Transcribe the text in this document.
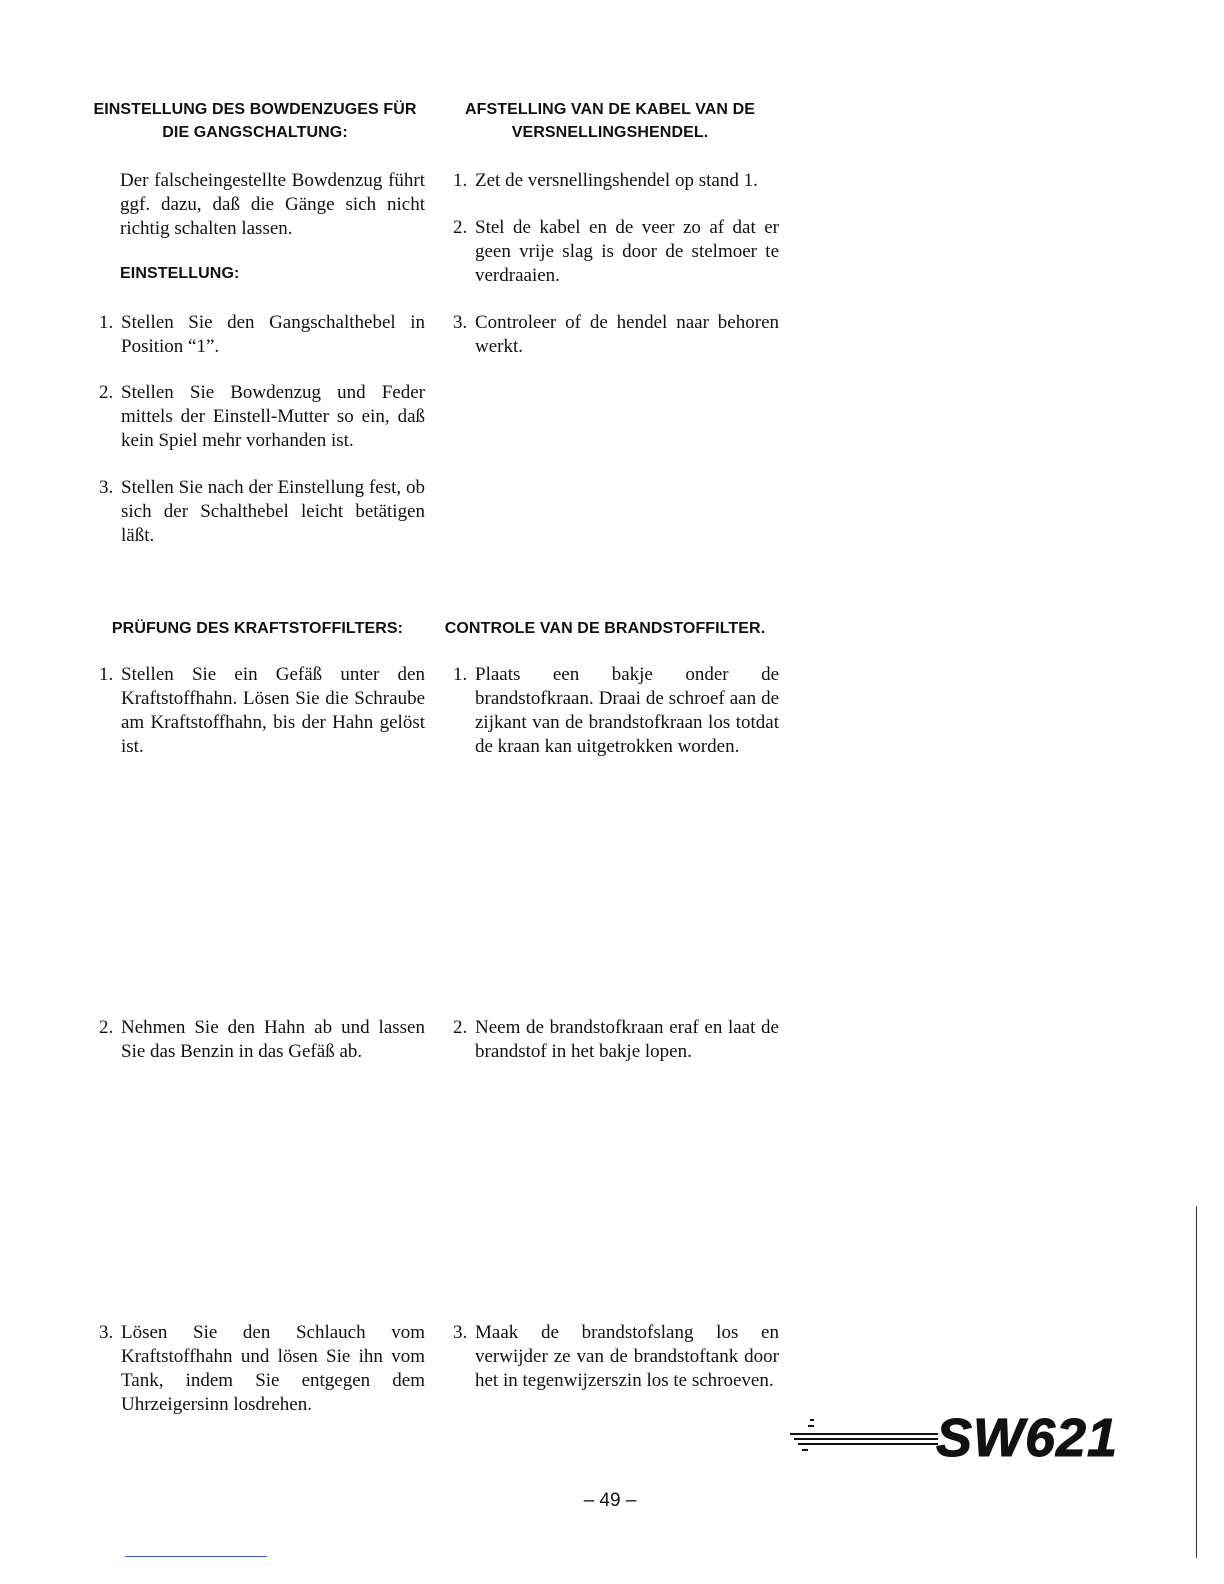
EINSTELLUNG DES BOWDENZUGES FÜR
DIE GANGSCHALTUNG:
Der falscheingestellte Bowdenzug führt ggf. dazu, daß die Gänge sich nicht richtig schalten lassen.
EINSTELLUNG:
1. Stellen Sie den Gangschalthebel in Position “1”.
2. Stellen Sie Bowdenzug und Feder mittels der Einstell-Mutter so ein, daß kein Spiel mehr vorhanden ist.
3. Stellen Sie nach der Einstellung fest, ob sich der Schalthebel leicht betätigen läßt.
AFSTELLING VAN DE KABEL VAN DE
VERSNELLINGSHENDEL.
1. Zet de versnellingshendel op stand 1.
2. Stel de kabel en de veer zo af dat er geen vrije slag is door de stelmoer te verdraaien.
3. Controleer of de hendel naar behoren werkt.
PRÜFUNG DES KRAFTSTOFFILTERS:	CONTROLE VAN DE BRANDSTOFFILTER.
1. Stellen Sie ein Gefäß unter den Kraftstoffhahn. Lösen Sie die Schraube am Kraftstoffhahn, bis der Hahn gelöst ist.
1. Plaats een bakje onder de brandstofkraan. Draai de schroef aan de zijkant van de brandstofkraan los totdat de kraan kan uitgetrokken worden.
2. Nehmen Sie den Hahn ab und lassen Sie das Benzin in das Gefäß ab.
2. Neem de brandstofkraan eraf en laat de brandstof in het bakje lopen.
3. Lösen Sie den Schlauch vom Kraftstoffhahn und lösen Sie ihn vom Tank, indem Sie entgegen dem Uhrzeigersinn losdrehen.
3. Maak de brandstofslang los en verwijder ze van de brandstoftank door het in tegenwijzerszin los te schroeven.
SW621
– 49 –
